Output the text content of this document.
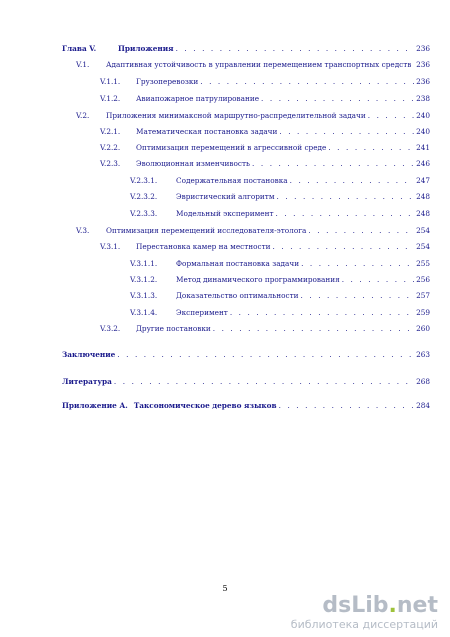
Глава V.	Приложения . . .	236
V.1.	Адаптивная устойчивость в управлении перемещением транспортных средств 236
V.1.1.	Грузоперевозки . . .	236
V.1.2.	Авиапожарное патрулирование . . .	238
V.2.	Приложения минимаксной маршрутно-распределительной задачи . . .	240
V.2.1.	Математическая постановка задачи . . .	240
V.2.2.	Оптимизация перемещений в агрессивной среде . . .	241
V.2.3.	Эволюционная изменчивость . . .	246
V.2.3.1.	Содержательная постановка . . .	247
V.2.3.2.	Эвристический алгоритм . . .	248
V.2.3.3.	Модельный эксперимент . . .	248
V.3.	Оптимизация перемещений исследователя-этолога . . .	254
V.3.1.	Перестановка камер на местности . . .	254
V.3.1.1.	Формальная постановка задачи . . .	255
V.3.1.2.	Метод динамического программирования . . .	256
V.3.1.3.	Доказательство оптимальности . . .	257
V.3.1.4.	Эксперимент . . .	259
V.3.2.	Другие постановки . . .	260
Заключение . . .	263
Литература . . .	268
Приложение А. Таксономическое дерево языков . . .	284
5
dsLib.net
библиотека диссертаций
